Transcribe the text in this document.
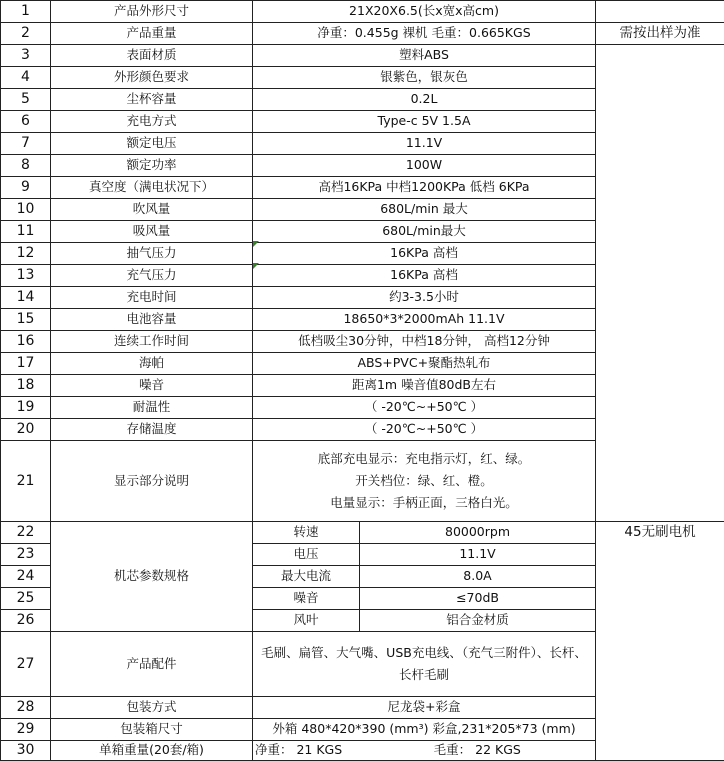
1	产品外形尺寸	21X20X6.5(长x宽x高cm)		
2	产品重量	净重：0.455g 裸机 毛重：0.665KGS		需按出样为准
3	表面材质	塑料ABS		
4	外形颜色要求	银紫色，银灰色		
5	尘杯容量	0.2L		
6	充电方式	Type-c 5V 1.5A		
7	额定电压	11.1V		
8	额定功率	100W		
9	真空度（满电状况下）	高档16KPa 中档1200KPa 低档 6KPa		
10	吹风量	680L/min 最大		
11	吸风量	680L/min最大		
12	抽气压力	16KPa 高档		
13	充气压力	16KPa 高档		
14	充电时间	约3-3.5小时		
15	电池容量	18650*3*2000mAh 11.1V		
16	连续工作时间	低档吸尘30分钟，中档18分钟， 高档12分钟		
17	海帕	ABS+PVC+聚酯热轧布		
18	噪音	距离1m 噪音值80dB左右		
19	耐温性	（ -20℃~+50℃ ）		
20	存储温度	（ -20℃~+50℃ ）		
21	显示部分说明	底部充电显示：充电指示灯，红、绿。
开关档位：绿、红、橙。
电量显示：手柄正面，三格白光。		

22	机芯参数规格	转速	80000rpm	45无刷电机
23		电压	11.1V	
24		最大电流	8.0A	
25		噪音	≤70dB	
26		风叶	铝合金材质	
27	产品配件	毛刷、扁管、大气嘴、USB充电线、（充气三附件）、长杆、长杆毛刷		
28	包装方式	尼龙袋+彩盒		
29	包装箱尺寸	外箱 480*420*390 (mm³) 彩盒,231*205*73 (mm)		
30	单箱重量(20套/箱)	净重： 21 KGS	毛重： 22 KGS	
